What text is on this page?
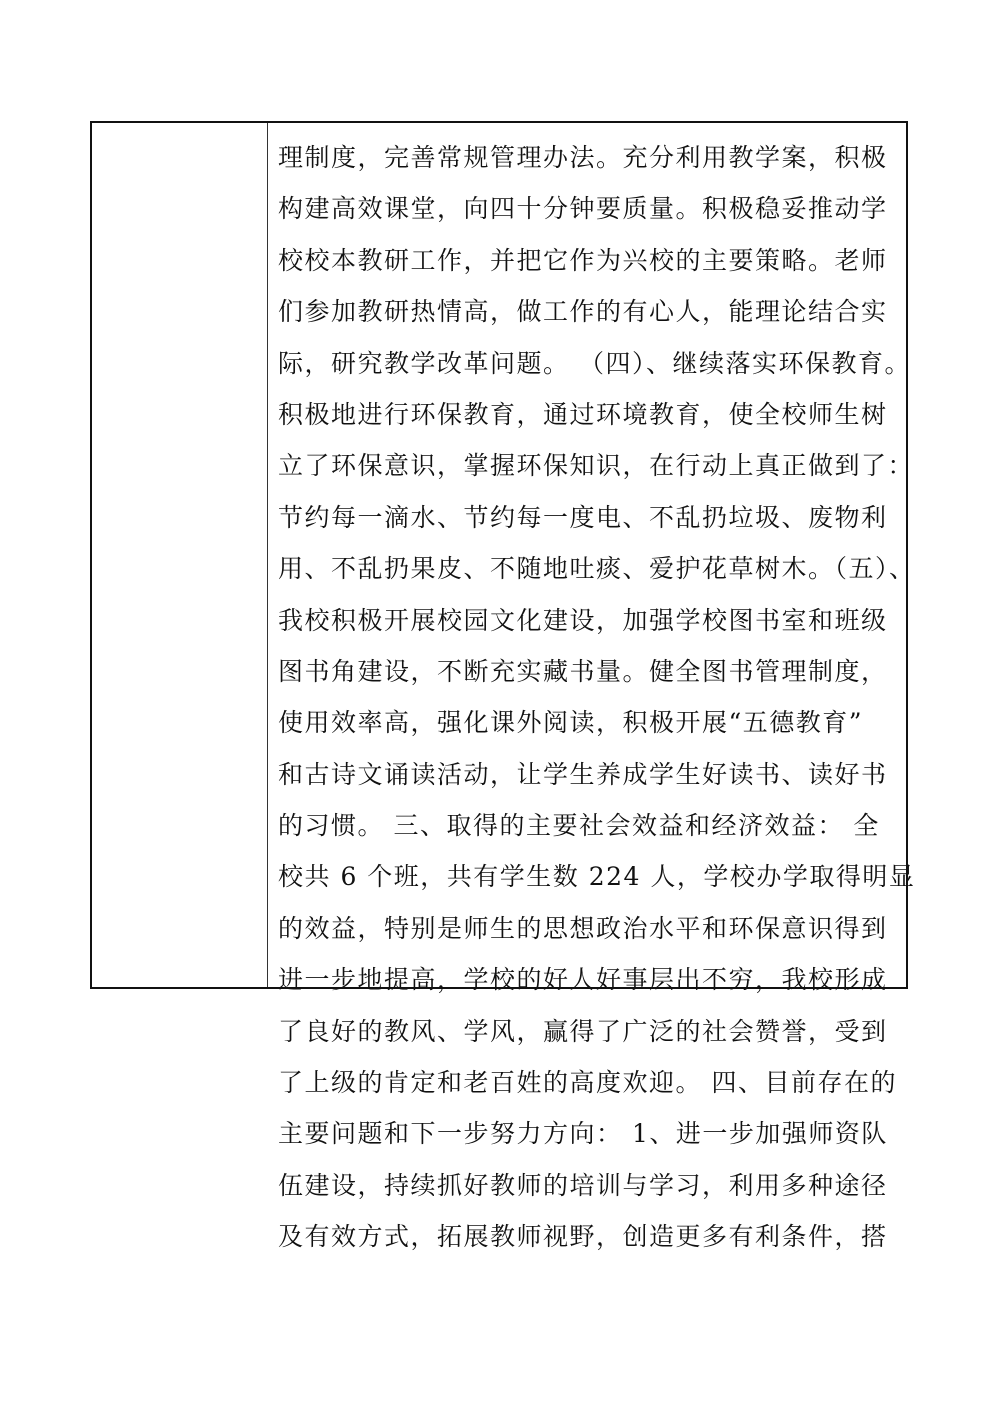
理制度，完善常规管理办法。充分利用教学案，积极
构建高效课堂，向四十分钟要质量。积极稳妥推动学
校校本教研工作，并把它作为兴校的主要策略。老师
们参加教研热情高，做工作的有心人，能理论结合实
际，研究教学改革问题。 （四）、继续落实环保教育。
积极地进行环保教育，通过环境教育，使全校师生树
立了环保意识，掌握环保知识，在行动上真正做到了：
节约每一滴水、节约每一度电、不乱扔垃圾、废物利
用、不乱扔果皮、不随地吐痰、爱护花草树木。（五）、
我校积极开展校园文化建设，加强学校图书室和班级
图书角建设，不断充实藏书量。健全图书管理制度，
使用效率高，强化课外阅读，积极开展“五德教育”
和古诗文诵读活动，让学生养成学生好读书、读好书
的习惯。 三、取得的主要社会效益和经济效益： 全
校共 6 个班，共有学生数 224 人，学校办学取得明显
的效益，特别是师生的思想政治水平和环保意识得到
进一步地提高，学校的好人好事层出不穷，我校形成
了良好的教风、学风，赢得了广泛的社会赞誉，受到
了上级的肯定和老百姓的高度欢迎。 四、目前存在的
主要问题和下一步努力方向： 1、进一步加强师资队
伍建设，持续抓好教师的培训与学习，利用多种途径
及有效方式，拓展教师视野，创造更多有利条件，搭
